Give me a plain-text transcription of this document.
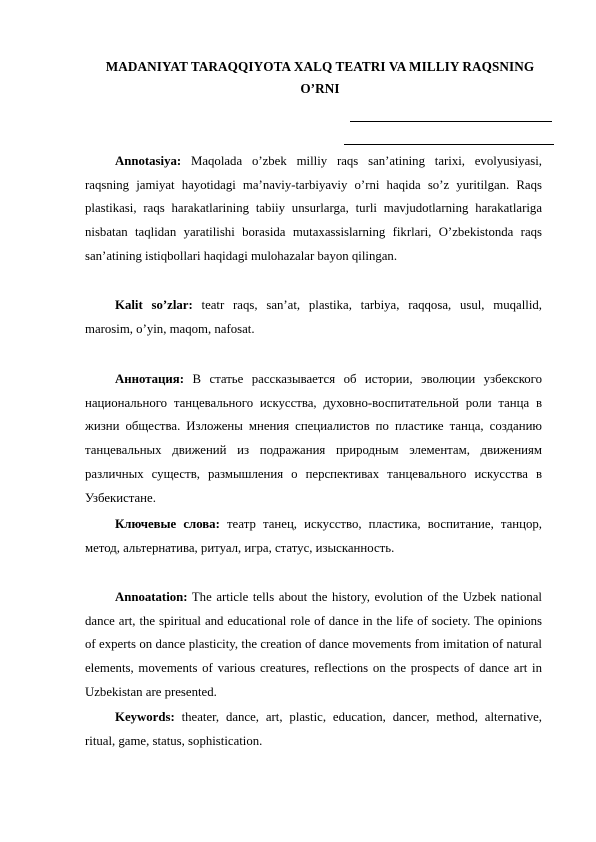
MADANIYAT TARAQQIYOTA XALQ TEATRI VA MILLIY RAQSNING
O’RNI

Annotasiya: Maqolada o’zbek milliy raqs san’atining tarixi, evolyusiyasi, raqsning jamiyat hayotidagi ma’naviy-tarbiyaviy o’rni haqida so’z yuritilgan. Raqs plastikasi, raqs harakatlarining tabiiy unsurlarga, turli mavjudotlarning harakatlariga nisbatan taqlidan yaratilishi borasida mutaxassislarning fikrlari, O’zbekistonda raqs san’atining istiqbollari haqidagi mulohazalar bayon qilingan.

Kalit so’zlar: teatr raqs, san’at, plastika, tarbiya, raqqosa, usul, muqallid, marosim, o’yin, maqom, nafosat.

Аннотация: В статье рассказывается об истории, эволюции узбекского национального танцевального искусства, духовно-воспитательной роли танца в жизни общества. Изложены мнения специалистов по пластике танца, созданию танцевальных движений из подражания природным элементам, движениям различных существ, размышления о перспективах танцевального искусства в Узбекистане.

Ключевые слова: театр танец, искусство, пластика, воспитание, танцор, метод, альтернатива, ритуал, игра, статус, изысканность.

Annoatation: The article tells about the history, evolution of the Uzbek national dance art, the spiritual and educational role of dance in the life of society. The opinions of experts on dance plasticity, the creation of dance movements from imitation of natural elements, movements of various creatures, reflections on the prospects of dance art in Uzbekistan are presented.

Keywords: theater, dance, art, plastic, education, dancer, method, alternative, ritual, game, status, sophistication.
